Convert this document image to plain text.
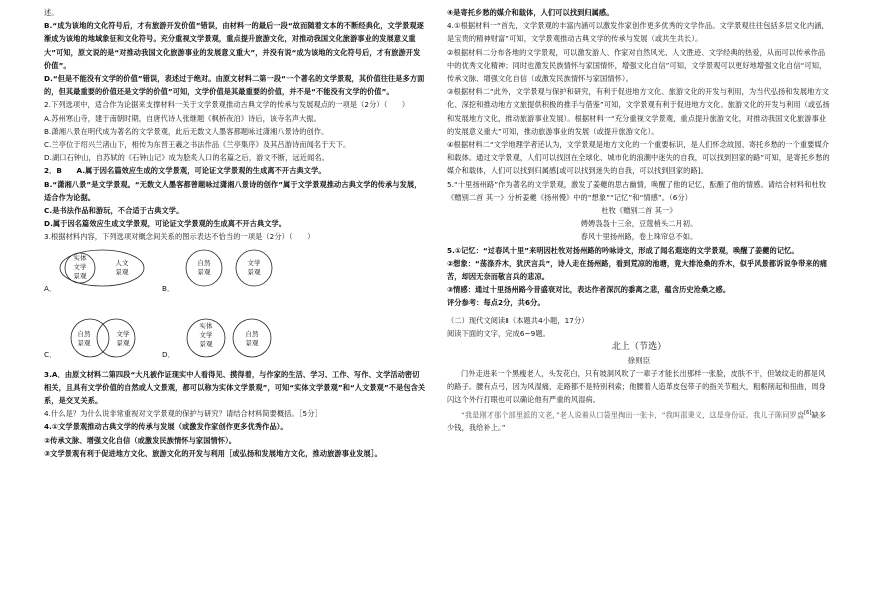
述。

B.“成为该地的文化符号后，才有旅游开发价值”错误，由材料一的最后一段“故而随着文本的不断经典化，文学景观逐渐成为该地的地域象征和文化符号。充分重视文学景观，重点提升旅游文化，对推动我国文化旅游事业的发展意义重大”可知，原文说的是“对推动我国文化旅游事业的发展意义重大”，并没有说“成为该地的文化符号后，才有旅游开发价值”。

D.“但是不能没有文学的价值”错误，表述过于绝对。由原文材料二第一段“一个著名的文学景观，其价值往往是多方面的，但其最重要的价值还是文学的价值”可知，文学价值是其最重要的价值，并不是“不能没有文学的价值”。

2.下列选项中，适合作为论据来支撑材料一关于文学景观推动古典文学的传承与发展观点的一项是（2分）（　　）

A.苏州寒山寺，建于南朝时期，自唐代诗人张继题《枫桥夜泊》诗后，该寺名声大振。

B.潇湘八景在明代成为著名的文学景观，此后无数文人墨客都题咏过潇湘八景诗的创作。

C.兰亭位于绍兴兰渚山下，相传为东晋王羲之书法作品《兰亭集序》及其吕游诗而闻名于天下。

D.湖口石钟山，自苏轼的《石钟山记》成为脍炙人口的名篇之后，游文不断，远近闻名。

2．B　　A.属于因名篇效应生成的文学景观，可论证文学景观的生成离不开古典文学。

B.“潇湘八景”是文学景观。“无数文人墨客都曾题咏过潇湘八景诗的创作”属于文学景观推动古典文学的传承与发展，适合作为论据。

C.是书法作品和游玩，不合适于古典文学。

D.属于因名篇效应生成文学景观，可论证文学景观的生成离不开古典文学。

3.根据材料内容，下列选项对概念间关系的图示表达不恰当的一项是（2分）（　　）

A．
实体
文学
景观
人文
景观
B．
自然
景观
文学
景观
C．
自然
景观
文学
景观
D．
实体
文学
景观
自然
景观

3.A．由原文材料二第四段“大凡被作证现实中人看得见、摸得着，与作家的生活、学习、工作、写作、文学活动密切相关，且具有文学价值的自然或人文景观，都可以称为实体文学景观”，可知“实体文学景观”和“人文景观”不是包含关系，是交叉关系。

4.什么是？为什么说非常重视对文学景观的保护与研究？请结合材料简要概括。［5分］

4.①文学景观推动古典文学的传承与发展（或激发作家创作更多优秀作品）。

②传承文脉、增强文化自信（或激发民族情怀与家国情怀）。

③文学景观有利于促进地方文化、旅游文化的开发与利用［或弘扬和发展地方文化，推动旅游事业发展］。

④是寄托乡愁的媒介和载体，人们可以找到归属感。

4.①根据材料一“首先，文学景观的丰富内涵可以激发作家创作更多优秀的文学作品。文学景观往往包括多层文化内涵，是宝贵的精神财富”可知，文学景观推动古典文学的传承与发展（或共生共长）。

②根据材料二分布各地的文学景观，可以激发游人、作家对自然风光、人文胜迹、文学经典的热爱，从而可以传承作品中的优秀文化精神；同时也激发民族情怀与家国情怀，增强文化自信”可知，文学景观可以更好地增强文化自信“可知，传承文脉、增强文化自信（或激发民族情怀与家国情怀）。

③根据材料二“此外，文学景观与保护和研究，有利于促进地方文化、旅游文化的开发与利用，为当代弘扬和发展地方文化、深挖和推动地方文旅提供积极的推手与借鉴”可知，文学景观有利于促进地方文化、旅游文化的开发与利用（或弘扬和发展地方文化，推动旅游事业发展）。根据材料一“充分重视文学景观，重点提升旅游文化，对推动我国文化旅游事业的发展意义重大”可知，推动旅游事业的发展（或提升旅游文化）。

④根据材料二“文学地理学者还认为，文学景观是地方文化的一个重要标识，是人们怀念故园、寄托乡愁的一个重要媒介和载体。通过文学景观，人们可以找回在全球化、城市化的浪潮中迷失的自我，可以找到回家的路”可知，是寄托乡愁的媒介和载体，人们可以找到归属感[或可以找到迷失的自我，可以找到回家的路]。

5.“十里扬州路”作为著名的文学景观，激发了姜夔的思古幽情，唤醒了他的记忆，酝酿了他的情感。请结合材料和杜牧《赠别二首 其一》分析姜夔《扬州慢》中的“想象”“记忆”和“情感”。（6分）

杜牧《赠别二首 其一》

娉娉袅袅十三余，豆蔻梢头二月初。

春风十里扬州路，卷上珠帘总不如。

5.①记忆：“过春风十里”来明因杜牧对扬州路的吟咏诗文，形成了闻名遐迩的文学景观，唤醒了姜夔的记忆。

②想象：“荡涤乔木，犹厌言兵”，诗人走在扬州路，看到荒凉的池塘，竟大排沧桑的乔木，似乎风景都诉说争带来的痛苦，却因无奈而敬言兵的悲凉。

③情感：通过十里扬州路今昔盛衰对比，表达作者深沉的黍离之悲，蕴含历史沧桑之感。

评分参考：每点2分，共6分。

（二）现代文阅读Ⅱ（本题共4小题，17分）

阅读下面的文字，完成6~9题。

北上（节选）

徐则臣

门外走进来一个黑瘦老人，头发花白，只有坡洞风吹了一辈子才能长出那样一张脸，皮肤不干，但皱纹走的都是风的路子。腰有点弓，因为风湿痛，走路都不是特别利索；他腰着人造革皮包带子的指关节粗大，粗粝削起和扭曲，周身闪这个外行打眼也可以确论他有严重的风湿病。

“我是刚才那个部里派的文老，”老人说着从口袋里掏出一张卡，“我叫邵秉义，这是身份证。我儿子陈同罗盘[6]缺多少钱，我给补上。”
